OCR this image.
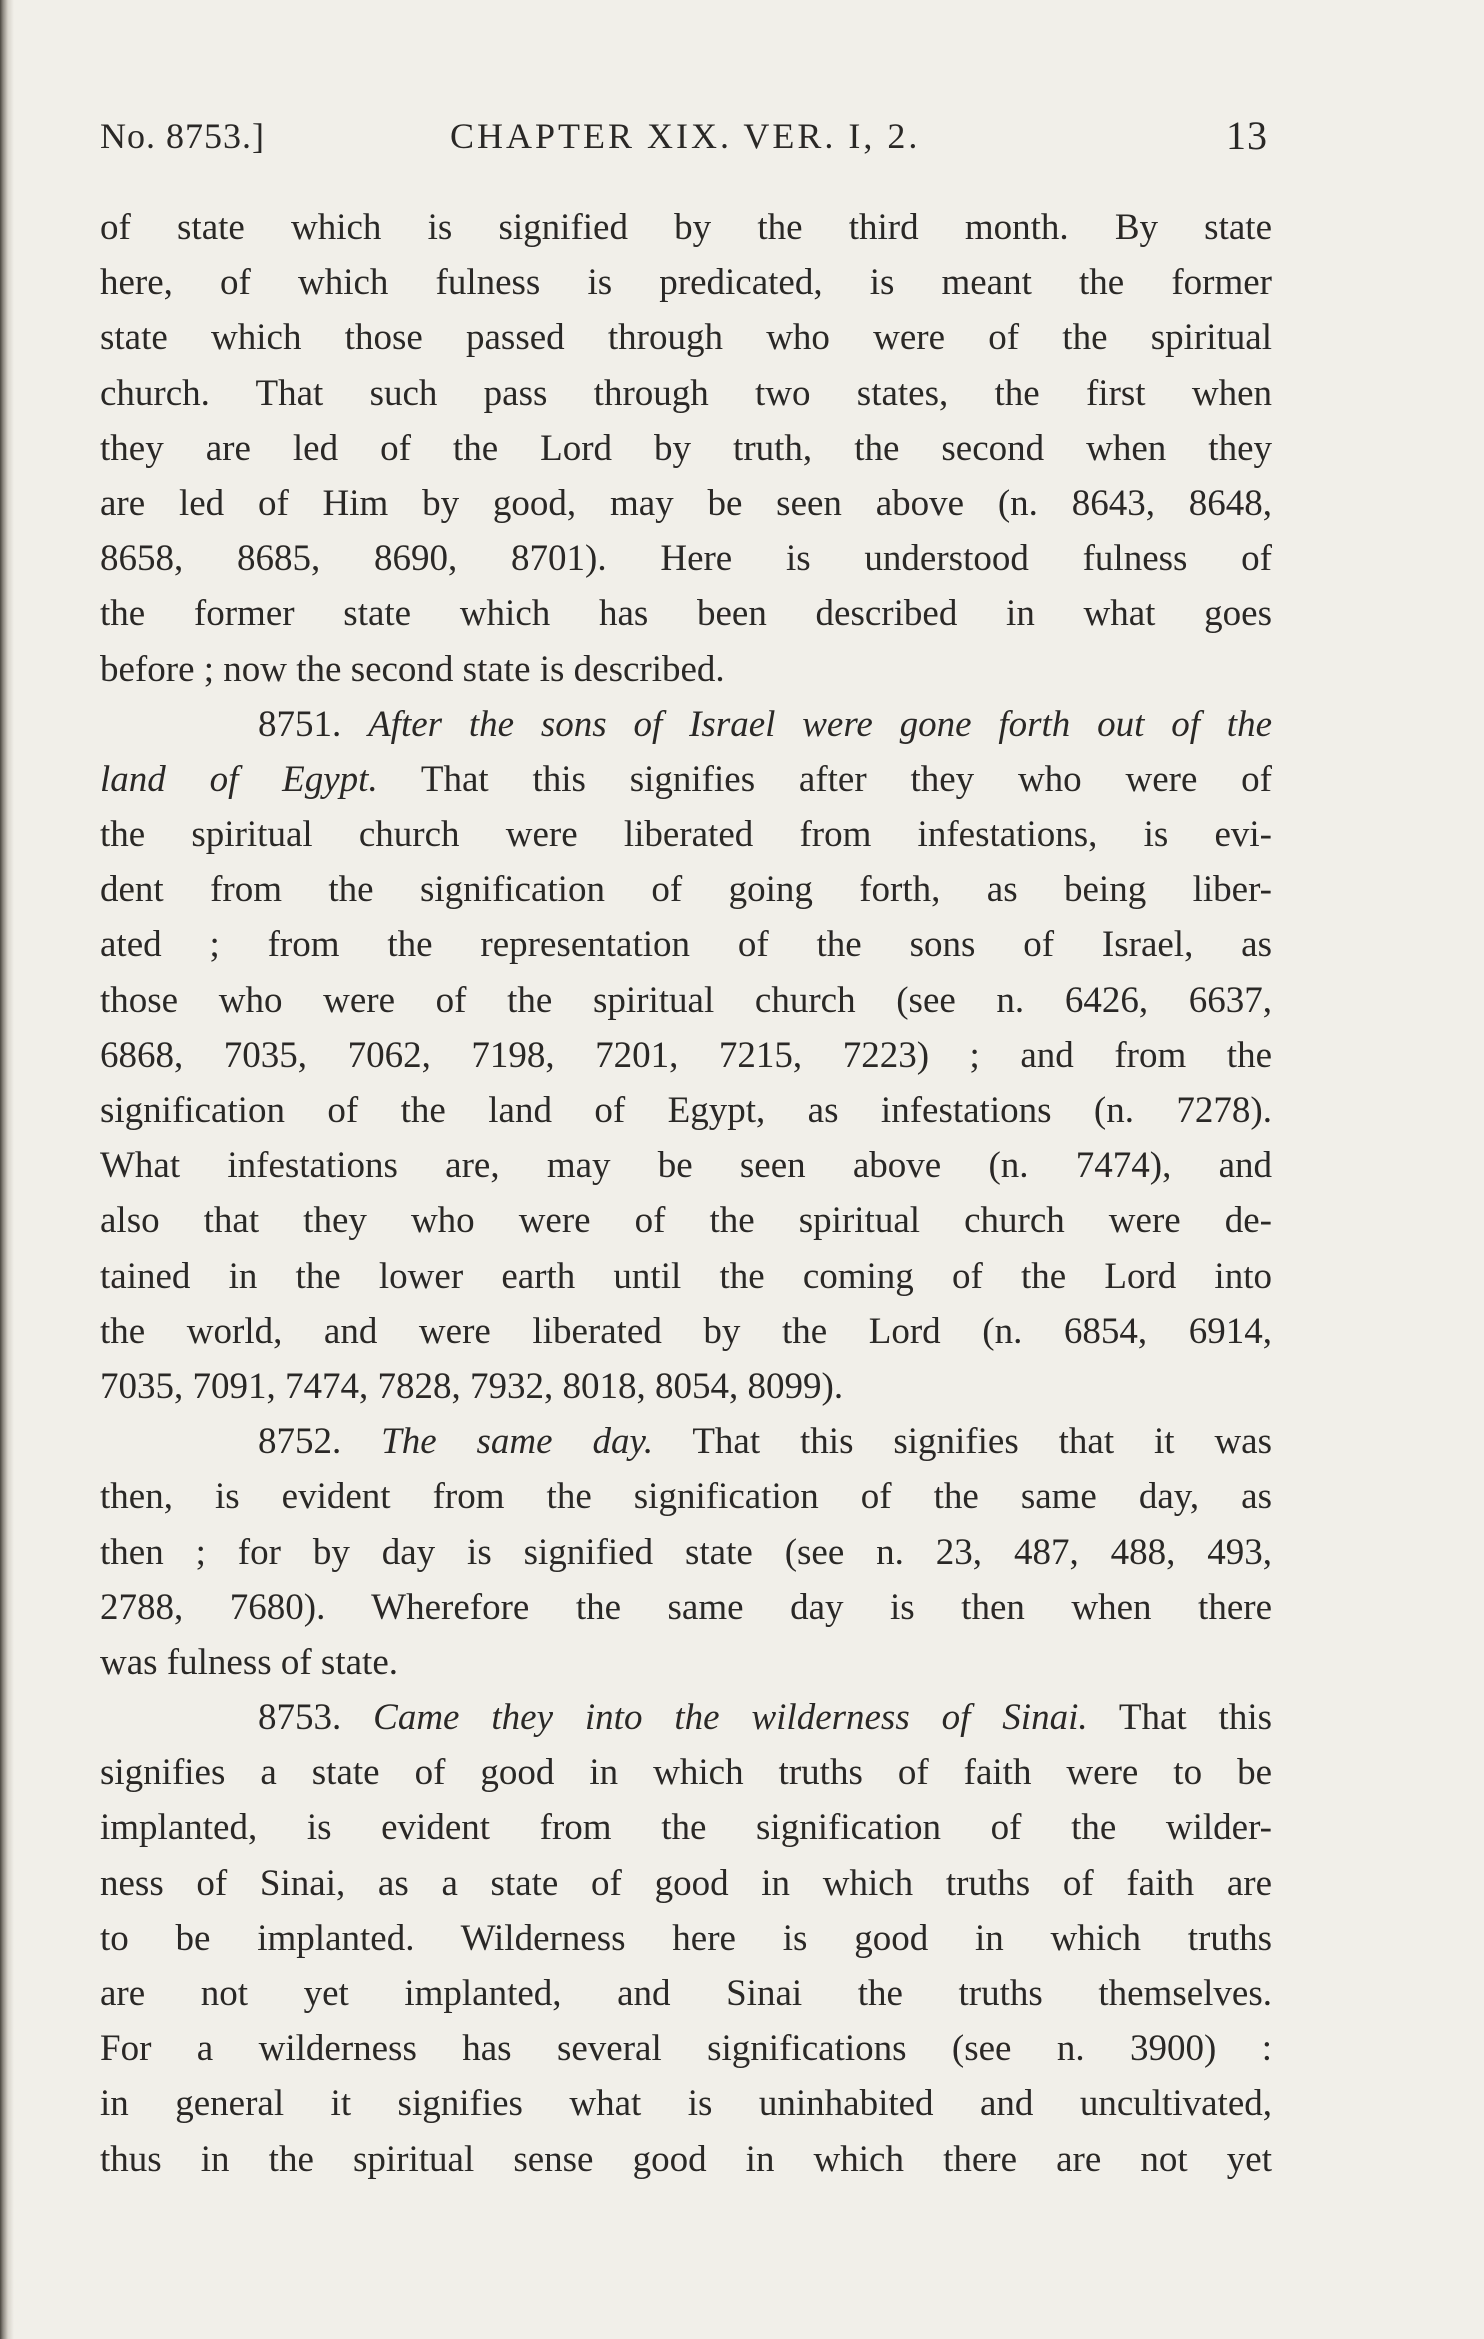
No. 8753.]	CHAPTER XIX. VER. I, 2.	13
of state which is signified by the third month. By state
here, of which fulness is predicated, is meant the former
state which those passed through who were of the spiritual
church. That such pass through two states, the first when
they are led of the Lord by truth, the second when they
are led of Him by good, may be seen above (n. 8643, 8648,
8658, 8685, 8690, 8701). Here is understood fulness of
the former state which has been described in what goes
before ; now the second state is described.
8751. After the sons of Israel were gone forth out of the
land of Egypt. That this signifies after they who were of
the spiritual church were liberated from infestations, is evi-
dent from the signification of going forth, as being liber-
ated ; from the representation of the sons of Israel, as
those who were of the spiritual church (see n. 6426, 6637,
6868, 7035, 7062, 7198, 7201, 7215, 7223) ; and from the
signification of the land of Egypt, as infestations (n. 7278).
What infestations are, may be seen above (n. 7474), and
also that they who were of the spiritual church were de-
tained in the lower earth until the coming of the Lord into
the world, and were liberated by the Lord (n. 6854, 6914,
7035, 7091, 7474, 7828, 7932, 8018, 8054, 8099).
8752. The same day. That this signifies that it was
then, is evident from the signification of the same day, as
then ; for by day is signified state (see n. 23, 487, 488, 493,
2788, 7680). Wherefore the same day is then when there
was fulness of state.
8753. Came they into the wilderness of Sinai. That this
signifies a state of good in which truths of faith were to be
implanted, is evident from the signification of the wilder-
ness of Sinai, as a state of good in which truths of faith are
to be implanted. Wilderness here is good in which truths
are not yet implanted, and Sinai the truths themselves.
For a wilderness has several significations (see n. 3900) :
in general it signifies what is uninhabited and uncultivated,
thus in the spiritual sense good in which there are not yet
